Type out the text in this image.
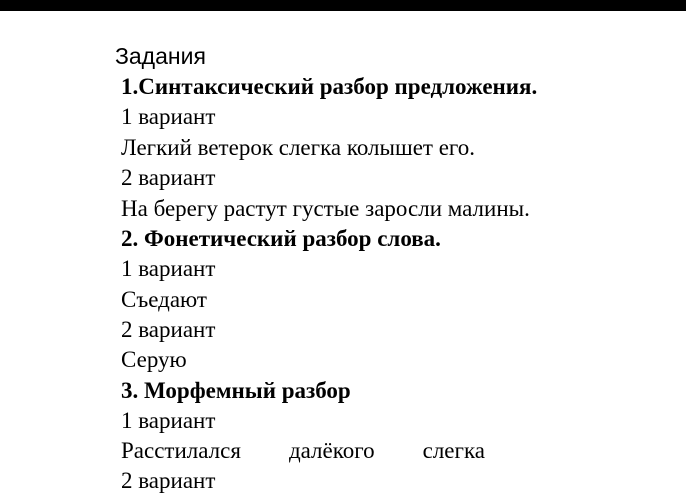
Задания
1.Синтаксический разбор предложения.
1 вариант
Легкий ветерок слегка колышет его.
2 вариант
На берегу растут густые заросли малины.
2. Фонетический разбор слова.
1 вариант
Съедают
2 вариант
Серую
3. Морфемный разбор
1 вариант
Расстилался далёкого слегка
2 вариант
